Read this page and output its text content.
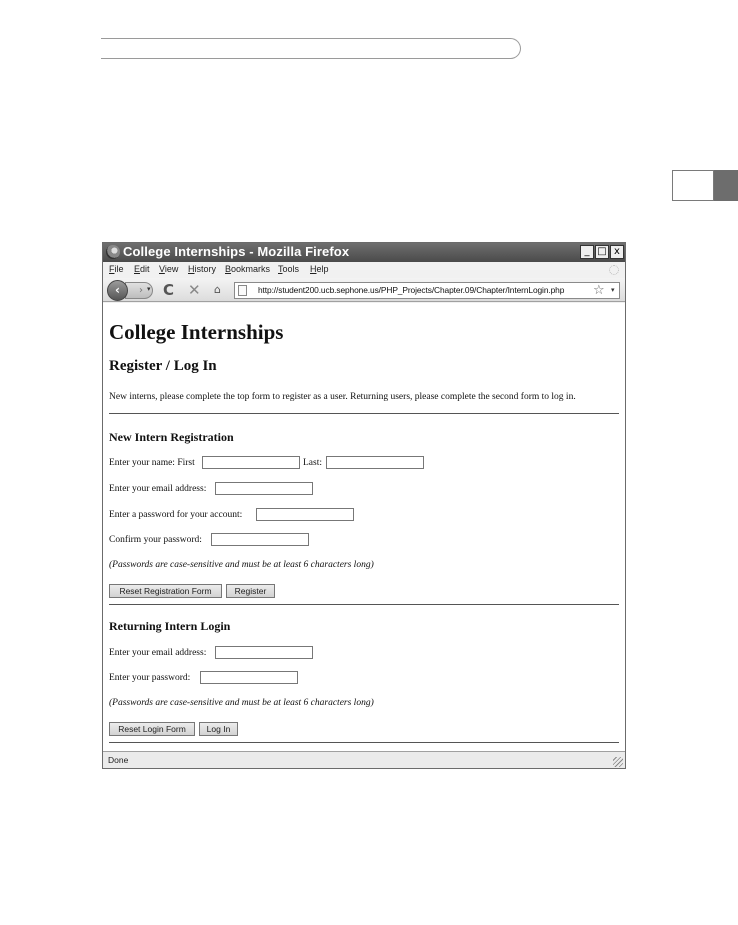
College Internships - Mozilla Firefox	_ □ x
File Edit View History Bookmarks Tools Help
›
‹	▾ C ✕ ⌂	http://student200.ucb.sephone.us/PHP_Projects/Chapter.09/Chapter/InternLogin.php ☆ ▾
College Internships
Register / Log In
New interns, please complete the top form to register as a user. Returning users, please complete the second form to log in.
New Intern Registration
Enter your name: First	Last:
Enter your email address:
Enter a password for your account:
Confirm your password:
(Passwords are case-sensitive and must be at least 6 characters long)
Reset Registration Form	Register
Returning Intern Login
Enter your email address:
Enter your password:
(Passwords are case-sensitive and must be at least 6 characters long)
Reset Login Form	Log In
Done
